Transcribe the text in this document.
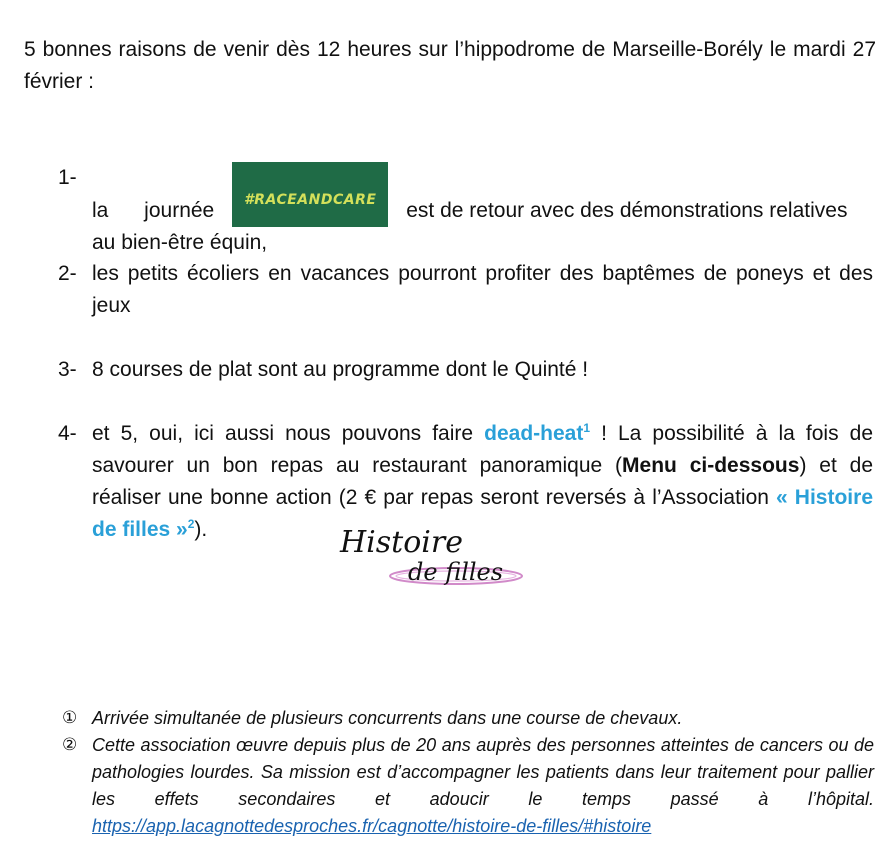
5 bonnes raisons de venir dès 12 heures sur l’hippodrome de Marseille-Borély le mardi 27 février :
1-
la journée	#RACEANDCARE	est de retour avec des démonstrations relatives au bien-être équin,
2- les petits écoliers en vacances pourront profiter des baptêmes de poneys et des jeux
3- 8 courses de plat sont au programme dont le Quinté !
4- et 5, oui, ici aussi nous pouvons faire dead-heat$^1$ ! La possibilité à la fois de savourer un bon repas au restaurant panoramique (Menu ci-dessous) et de réaliser une bonne action (2 € par repas seront reversés à l’Association « Histoire de filles »$^2$).	Histoire
de filles
① Arrivée simultanée de plusieurs concurrents dans une course de chevaux.
② Cette association œuvre depuis plus de 20 ans auprès des personnes atteintes de cancers ou de pathologies lourdes. Sa mission est d’accompagner les patients dans leur traitement pour pallier les effets secondaires et adoucir le temps passé à l’hôpital. https://app.lacagnottedesproches.fr/cagnotte/histoire-de-filles/#histoire
